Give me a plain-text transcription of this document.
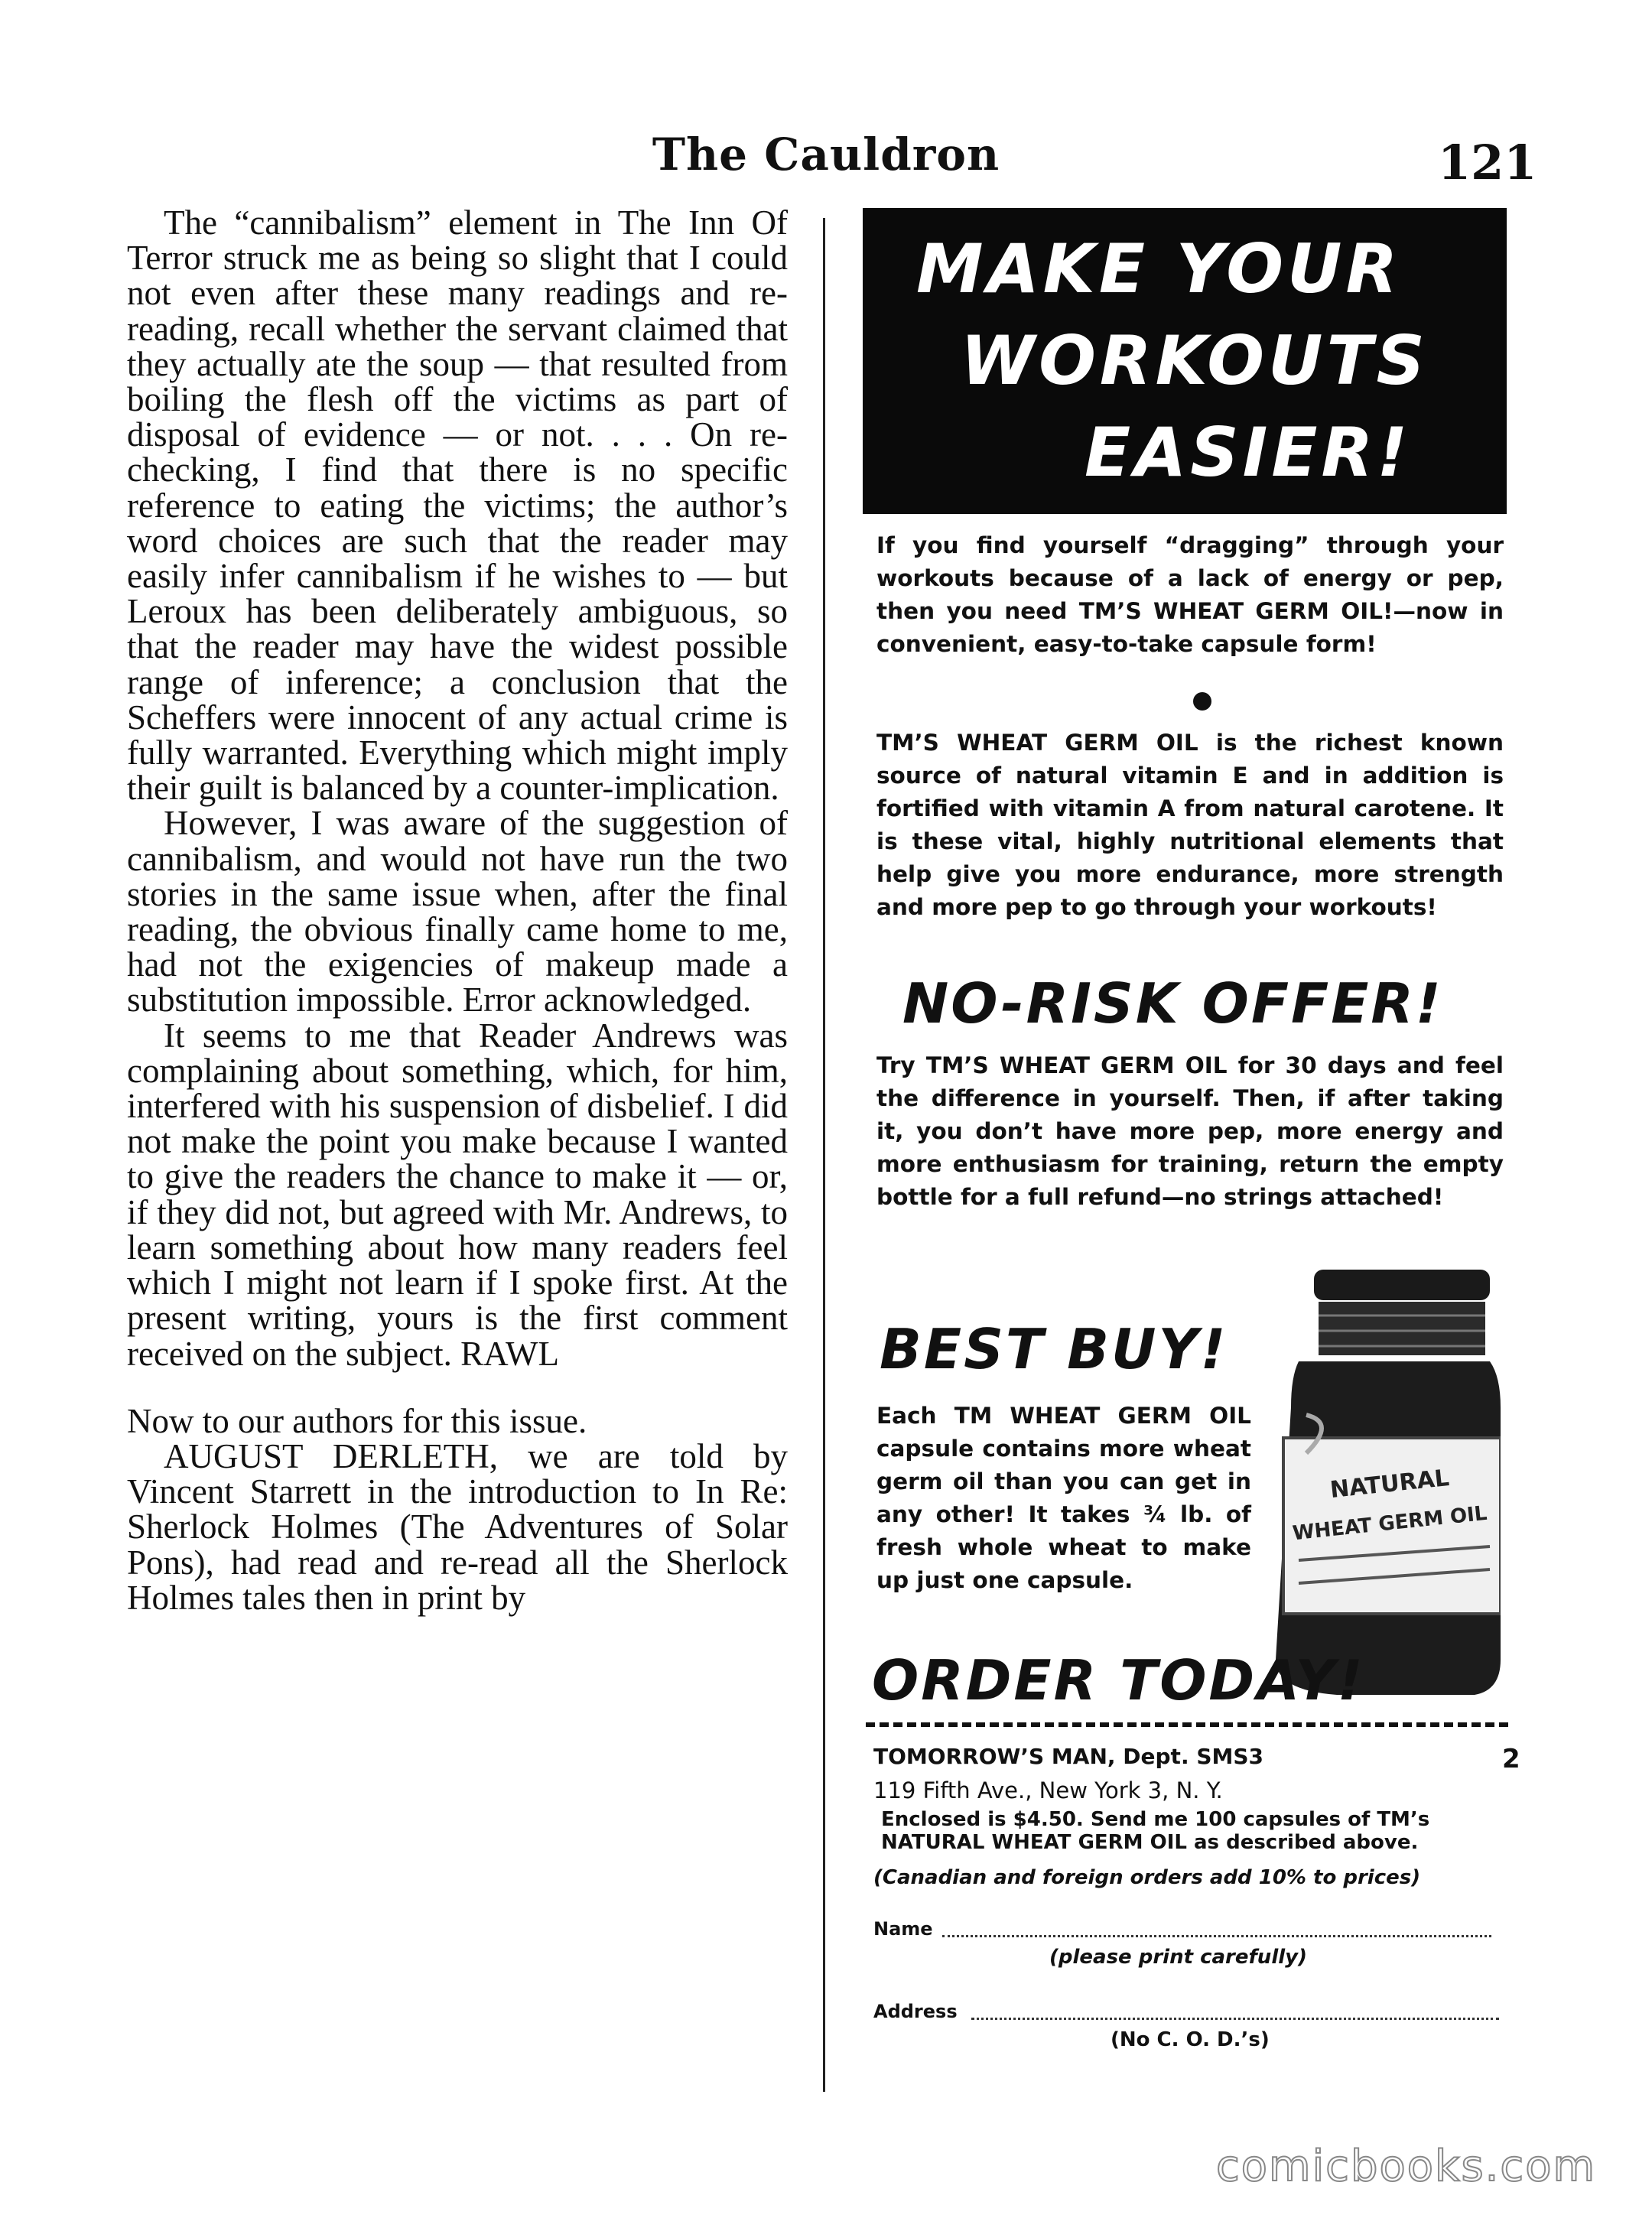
The Cauldron	121

The “cannibalism” element in The Inn Of Terror struck me as being so slight that I could not even after these many readings and re-reading, recall whether the servant claimed that they actually ate the soup — that resulted from boiling the flesh off the victims as part of disposal of evidence — or not. . . . On re-checking, I find that there is no specific reference to eating the victims; the author’s word choices are such that the reader may easily infer cannibalism if he wishes to — but Leroux has been deliberately ambiguous, so that the reader may have the widest possible range of inference; a conclusion that the Scheffers were innocent of any actual crime is fully warranted. Everything which might imply their guilt is balanced by a counter-implication.

However, I was aware of the suggestion of cannibalism, and would not have run the two stories in the same issue when, after the final reading, the obvious finally came home to me, had not the exigencies of makeup made a substitution impossible. Error acknowledged.

It seems to me that Reader Andrews was complaining about something, which, for him, interfered with his suspension of disbelief. I did not make the point you make because I wanted to give the readers the chance to make it — or, if they did not, but agreed with Mr. Andrews, to learn something about how many readers feel which I might not learn if I spoke first. At the present writing, yours is the first comment received on the subject. RAWL

Now to our authors for this issue.

AUGUST DERLETH, we are told by Vincent Starrett in the introduction to In Re: Sherlock Holmes (The Adventures of Solar Pons), had read and re-read all the Sherlock Holmes tales then in print by

MAKE YOUR
WORKOUTS
EASIER!

If you find yourself “dragging” through your workouts because of a lack of energy or pep, then you need TM’S WHEAT GERM OIL!—now in convenient, easy-to-take capsule form!

TM’S WHEAT GERM OIL is the richest known source of natural vitamin E and in addition is fortified with vitamin A from natural carotene. It is these vital, highly nutritional elements that help give you more endurance, more strength and more pep to go through your workouts!

NO-RISK OFFER!

Try TM’S WHEAT GERM OIL for 30 days and feel the difference in yourself. Then, if after taking it, you don’t have more pep, more energy and more enthusiasm for training, return the empty bottle for a full refund—no strings attached!

BEST BUY!

Each TM WHEAT GERM OIL capsule contains more wheat germ oil than you can get in any other! It takes ¾ lb. of fresh whole wheat to make up just one capsule.

NATURAL
WHEAT GERM OIL
ORDER TODAY!
TOMORROW’S MAN, Dept. SMS3	2
119 Fifth Ave., New York 3, N. Y.
Enclosed is $4.50. Send me 100 capsules of TM’s NATURAL WHEAT GERM OIL as described above.
(Canadian and foreign orders add 10% to prices)
Name
(please print carefully)
Address
(No C. O. D.’s)
comicbooks.com
